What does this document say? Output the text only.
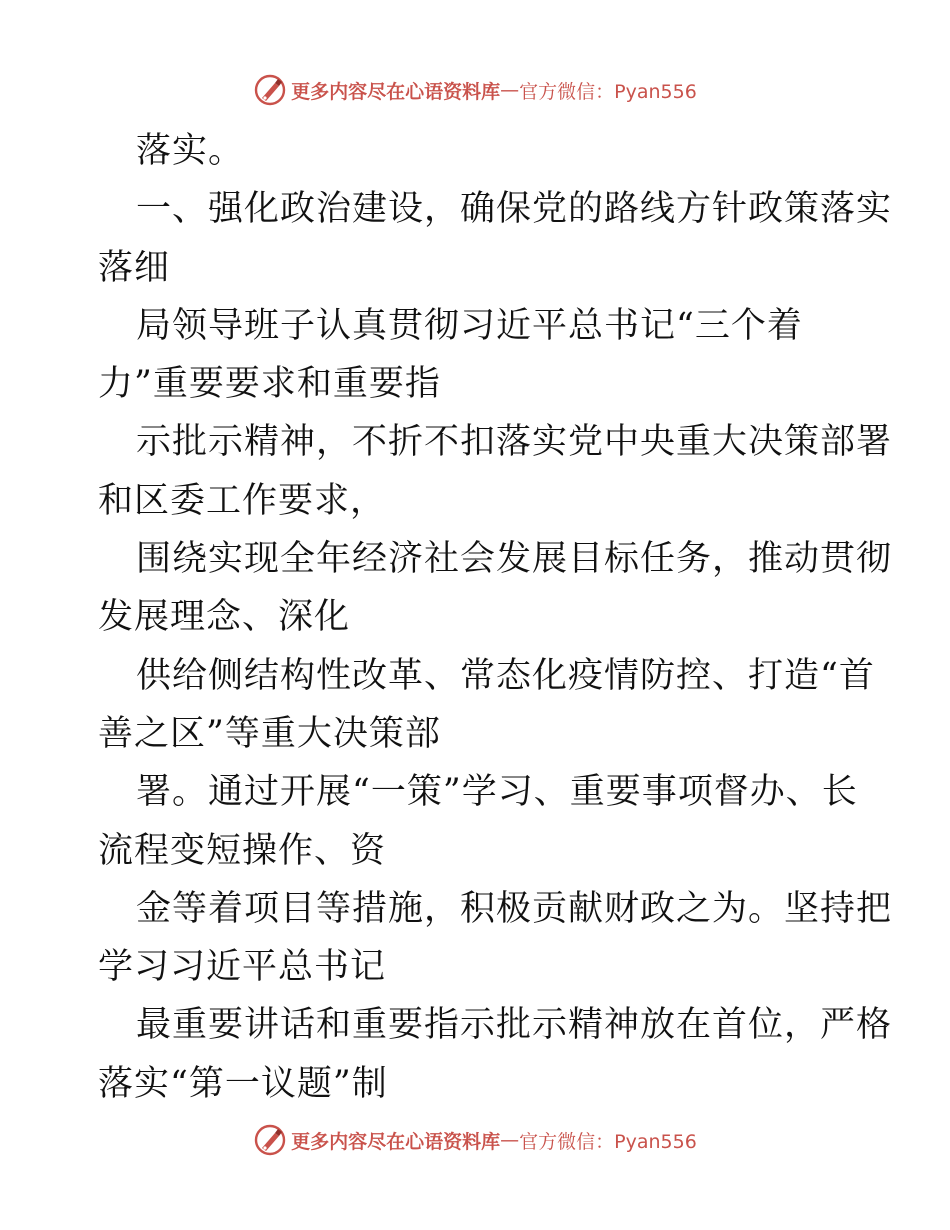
更多内容尽在心语资料库 — 官方微信：Pyan556
落实。
一、强化政治建设，确保党的路线方针政策落实
落细
局领导班子认真贯彻习近平总书记“三个着
力”重要要求和重要指
示批示精神，不折不扣落实党中央重大决策部署
和区委工作要求，
围绕实现全年经济社会发展目标任务，推动贯彻
发展理念、深化
供给侧结构性改革、常态化疫情防控、打造“首
善之区”等重大决策部
署。通过开展“一策”学习、重要事项督办、长
流程变短操作、资
金等着项目等措施，积极贡献财政之为。坚持把
学习习近平总书记
最重要讲话和重要指示批示精神放在首位，严格
落实“第一议题”制
更多内容尽在心语资料库 — 官方微信：Pyan556
